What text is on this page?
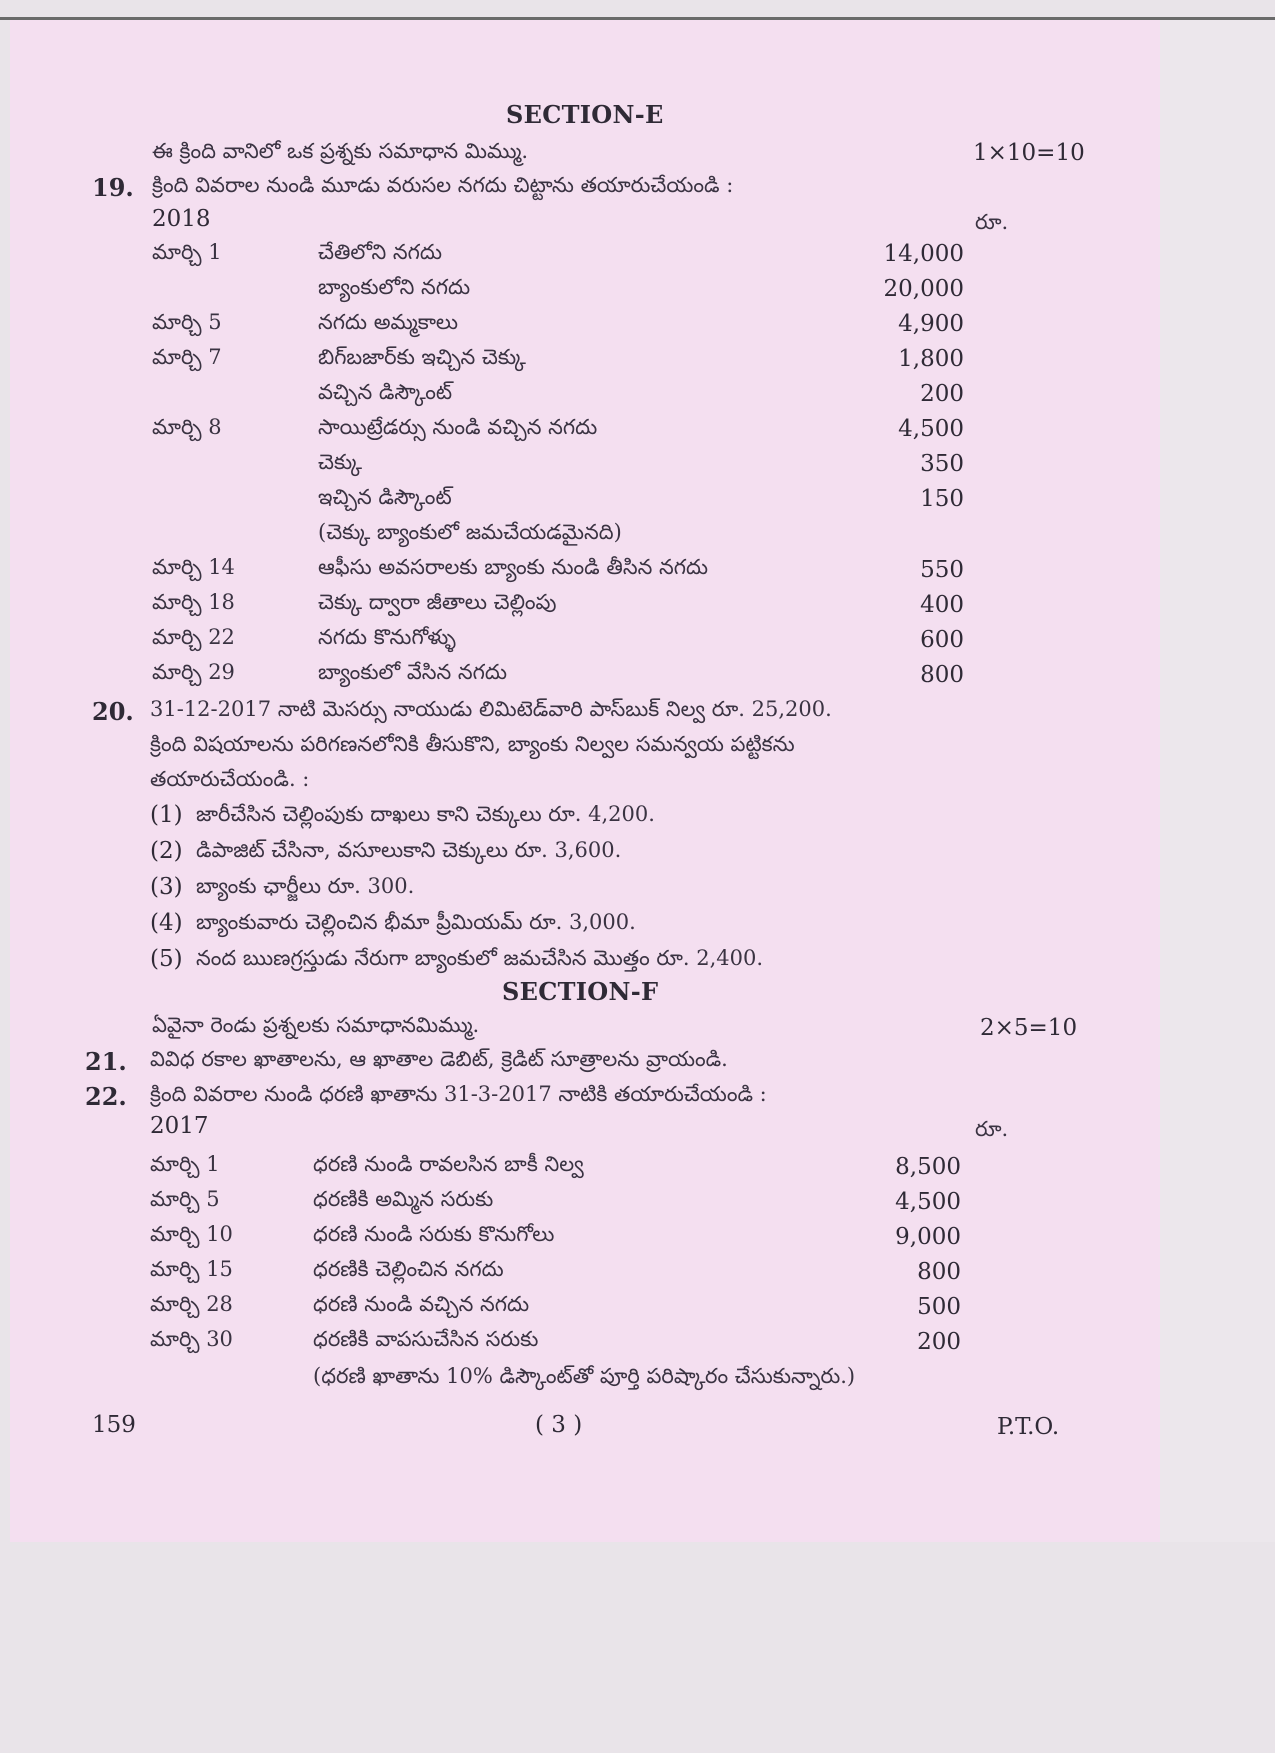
SECTION-E
ఈ క్రింది వానిలో ఒక ప్రశ్నకు సమాధాన మిమ్ము.	1×10=10
19. క్రింది వివరాల నుండి మూడు వరుసల నగదు చిట్టాను తయారుచేయండి :
2018	రూ.
మార్చి 1	చేతిలోని నగదు	14,000
బ్యాంకులోని నగదు	20,000
మార్చి 5	నగదు అమ్మకాలు	4,900
మార్చి 7	బిగ్‌బజార్‌కు ఇచ్చిన చెక్కు	1,800
వచ్చిన డిస్కౌంట్	200
మార్చి 8	సాయిట్రేడర్సు నుండి వచ్చిన నగదు	4,500
చెక్కు	350
ఇచ్చిన డిస్కౌంట్	150
(చెక్కు బ్యాంకులో జమచేయడమైనది)
మార్చి 14	ఆఫీసు అవసరాలకు బ్యాంకు నుండి తీసిన నగదు	550
మార్చి 18	చెక్కు ద్వారా జీతాలు చెల్లింపు	400
మార్చి 22	నగదు కొనుగోళ్ళు	600
మార్చి 29	బ్యాంకులో వేసిన నగదు	800
20. 31-12-2017 నాటి మెసర్సు నాయుడు లిమిటెడ్‌వారి పాస్‌బుక్ నిల్వ రూ. 25,200.
క్రింది విషయాలను పరిగణనలోనికి తీసుకొని, బ్యాంకు నిల్వల సమన్వయ పట్టికను
తయారుచేయండి. :
(1) జారీచేసిన చెల్లింపుకు దాఖలు కాని చెక్కులు రూ. 4,200.
(2) డిపాజిట్ చేసినా, వసూలుకాని చెక్కులు రూ. 3,600.
(3) బ్యాంకు ఛార్జీలు రూ. 300.
(4) బ్యాంకువారు చెల్లించిన భీమా ప్రీమియమ్ రూ. 3,000.
(5) నంద ఋణగ్రస్తుడు నేరుగా బ్యాంకులో జమచేసిన మొత్తం రూ. 2,400.
SECTION-F
ఏవైనా రెండు ప్రశ్నలకు సమాధానమిమ్ము.	2×5=10
21. వివిధ రకాల ఖాతాలను, ఆ ఖాతాల డెబిట్, క్రెడిట్ సూత్రాలను వ్రాయండి.
22. క్రింది వివరాల నుండి ధరణి ఖాతాను 31-3-2017 నాటికి తయారుచేయండి :
2017	రూ.
మార్చి 1	ధరణి నుండి రావలసిన బాకీ నిల్వ	8,500
మార్చి 5	ధరణికి అమ్మిన సరుకు	4,500
మార్చి 10	ధరణి నుండి సరుకు కొనుగోలు	9,000
మార్చి 15	ధరణికి చెల్లించిన నగదు	800
మార్చి 28	ధరణి నుండి వచ్చిన నగదు	500
మార్చి 30	ధరణికి వాపసుచేసిన సరుకు	200
(ధరణి ఖాతాను 10% డిస్కౌంట్‌తో పూర్తి పరిష్కారం చేసుకున్నారు.)
159	( 3 )	P.T.O.
